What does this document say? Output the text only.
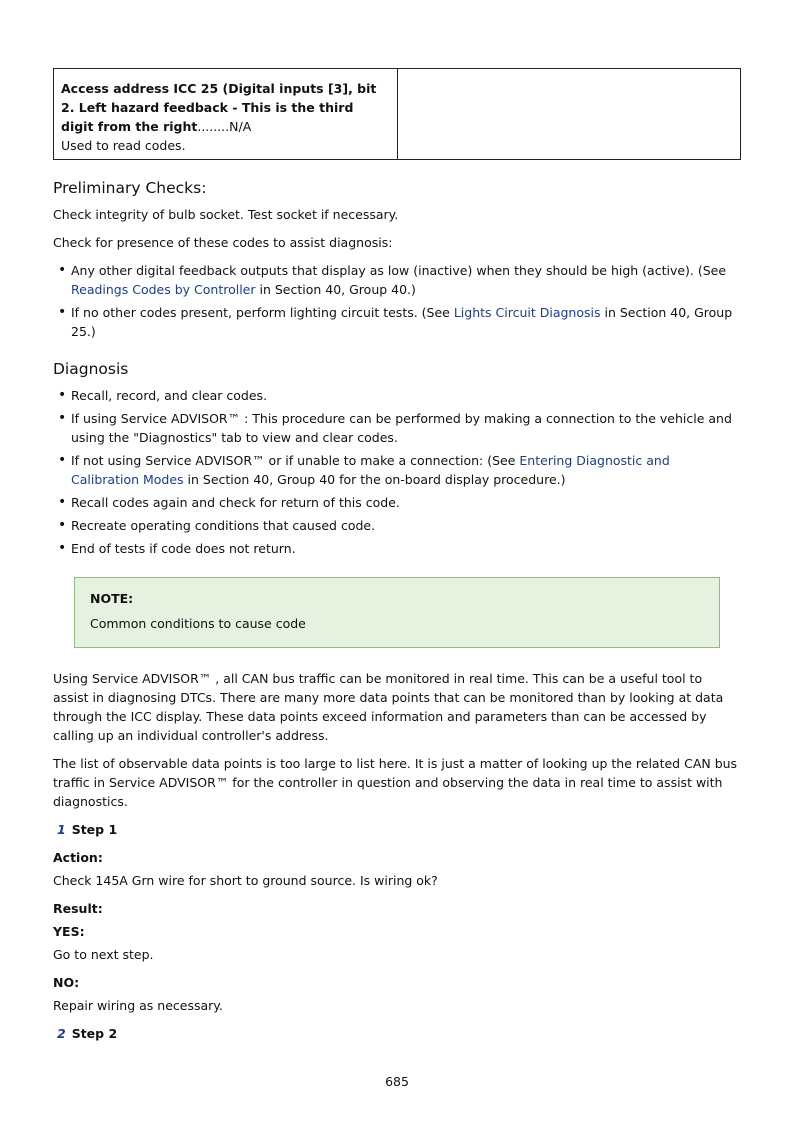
Access address ICC 25 (Digital inputs [3], bit 2. Left hazard feedback - This is the third digit from the right........N/A
Used to read codes.	
Preliminary Checks:

Check integrity of bulb socket. Test socket if necessary.

Check for presence of these codes to assist diagnosis:

• Any other digital feedback outputs that display as low (inactive) when they should be high (active). (See Readings Codes by Controller in Section 40, Group 40.)
• If no other codes present, perform lighting circuit tests. (See Lights Circuit Diagnosis in Section 40, Group 25.)
Diagnosis
• Recall, record, and clear codes.
• If using Service ADVISOR™ : This procedure can be performed by making a connection to the vehicle and using the "Diagnostics" tab to view and clear codes.
• If not using Service ADVISOR™ or if unable to make a connection: (See Entering Diagnostic and Calibration Modes in Section 40, Group 40 for the on-board display procedure.)
• Recall codes again and check for return of this code.
• Recreate operating conditions that caused code.
• End of tests if code does not return.
NOTE:
Common conditions to cause code

Using Service ADVISOR™ , all CAN bus traffic can be monitored in real time. This can be a useful tool to assist in diagnosing DTCs. There are many more data points that can be monitored than by looking at data through the ICC display. These data points exceed information and parameters than can be accessed by calling up an individual controller's address.

The list of observable data points is too large to list here. It is just a matter of looking up the related CAN bus traffic in Service ADVISOR™ for the controller in question and observing the data in real time to assist with diagnostics.

1 Step 1
Action:

Check 145A Grn wire for short to ground source. Is wiring ok?

Result:
YES:

Go to next step.

NO:

Repair wiring as necessary.

2 Step 2
685
